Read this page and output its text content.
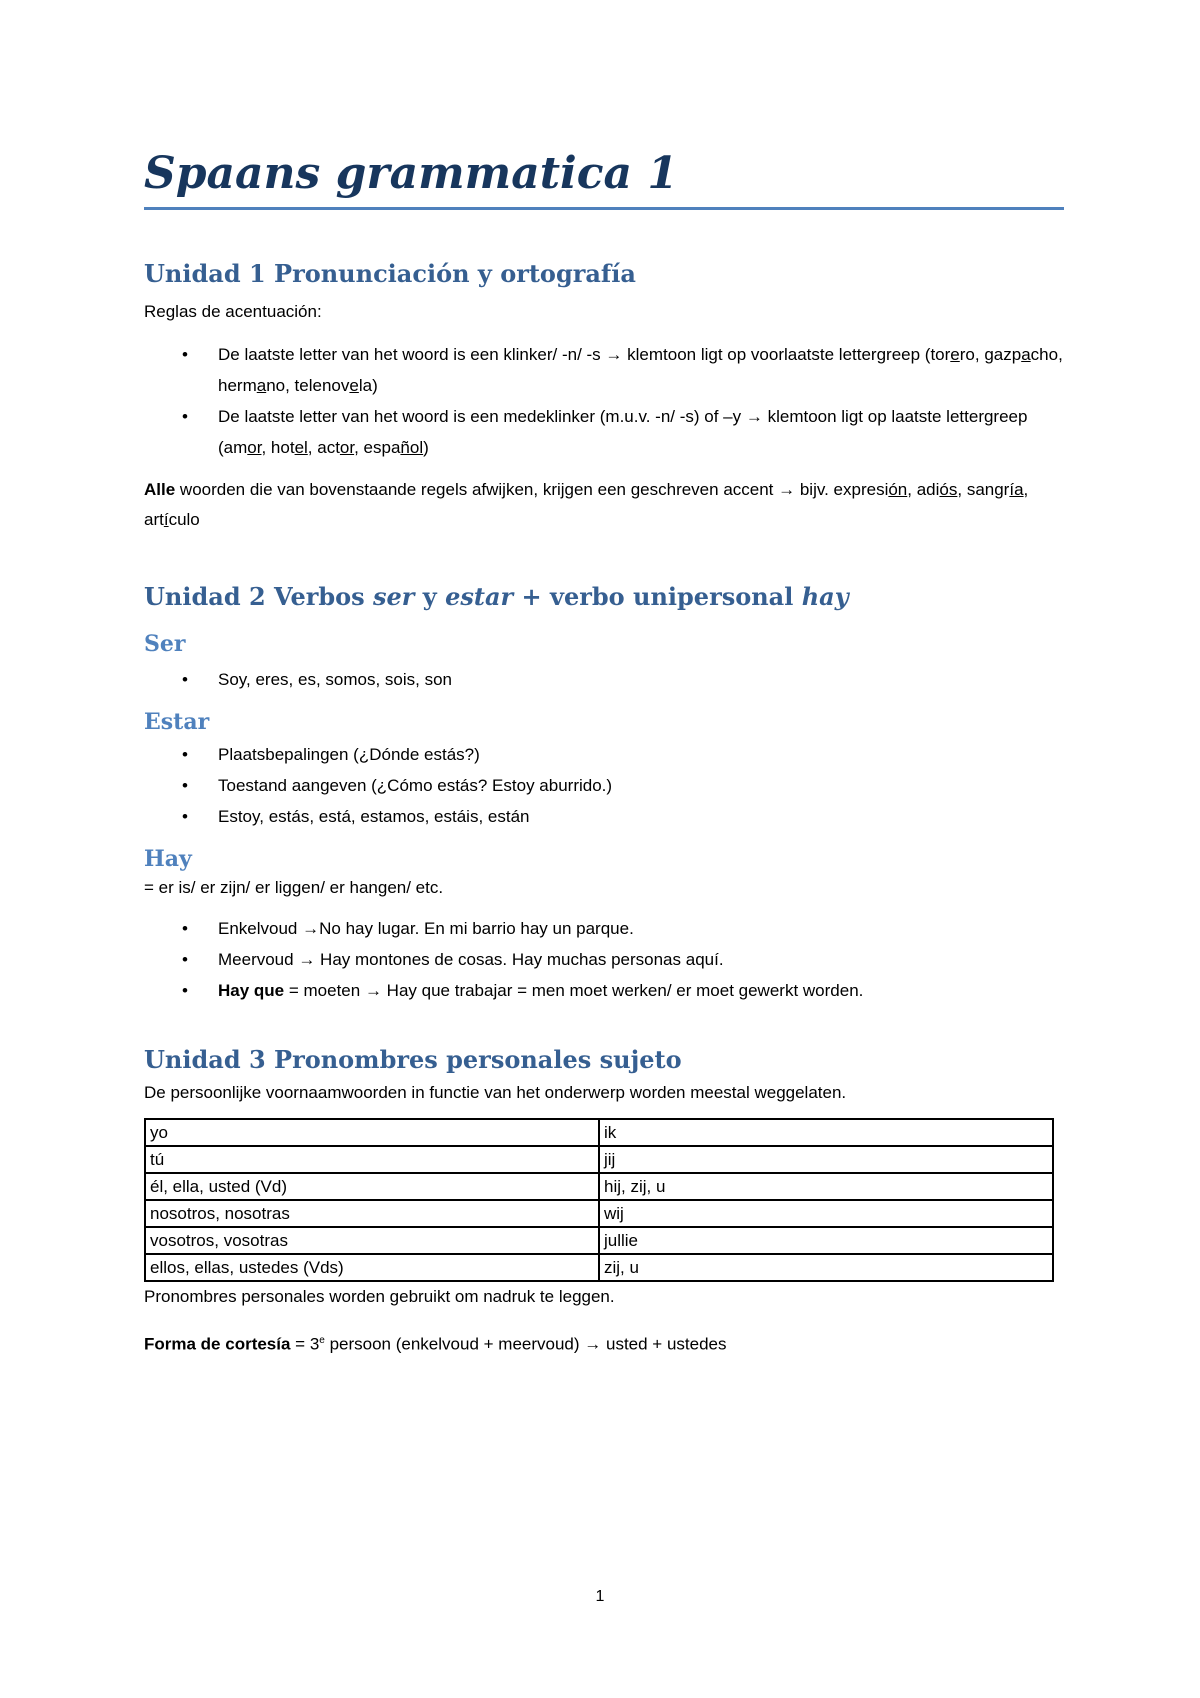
Spaans grammatica 1
Unidad 1 Pronunciación y ortografía

Reglas de acentuación:

• De laatste letter van het woord is een klinker/ -n/ -s → klemtoon ligt op voorlaatste lettergreep (torero, gazpacho, hermano, telenovela)
• De laatste letter van het woord is een medeklinker (m.u.v. -n/ -s) of –y → klemtoon ligt op laatste lettergreep (amor, hotel, actor, español)

Alle woorden die van bovenstaande regels afwijken, krijgen een geschreven accent → bijv. expresión, adiós, sangría, artículo

Unidad 2 Verbos ser y estar + verbo unipersonal hay
Ser
• Soy, eres, es, somos, sois, son
Estar
• Plaatsbepalingen (¿Dónde estás?)
• Toestand aangeven (¿Cómo estás? Estoy aburrido.)
• Estoy, estás, está, estamos, estáis, están
Hay

= er is/ er zijn/ er liggen/ er hangen/ etc.

• Enkelvoud →No hay lugar. En mi barrio hay un parque.
• Meervoud → Hay montones de cosas. Hay muchas personas aquí.
• Hay que = moeten → Hay que trabajar = men moet werken/ er moet gewerkt worden.
Unidad 3 Pronombres personales sujeto

De persoonlijke voornaamwoorden in functie van het onderwerp worden meestal weggelaten.

yo	ik
tú	jij
él, ella, usted (Vd)	hij, zij, u
nosotros, nosotras	wij
vosotros, vosotras	jullie
ellos, ellas, ustedes (Vds)	zij, u

Pronombres personales worden gebruikt om nadruk te leggen.

Forma de cortesía = $3^e$ persoon (enkelvoud + meervoud) → usted + ustedes

1
